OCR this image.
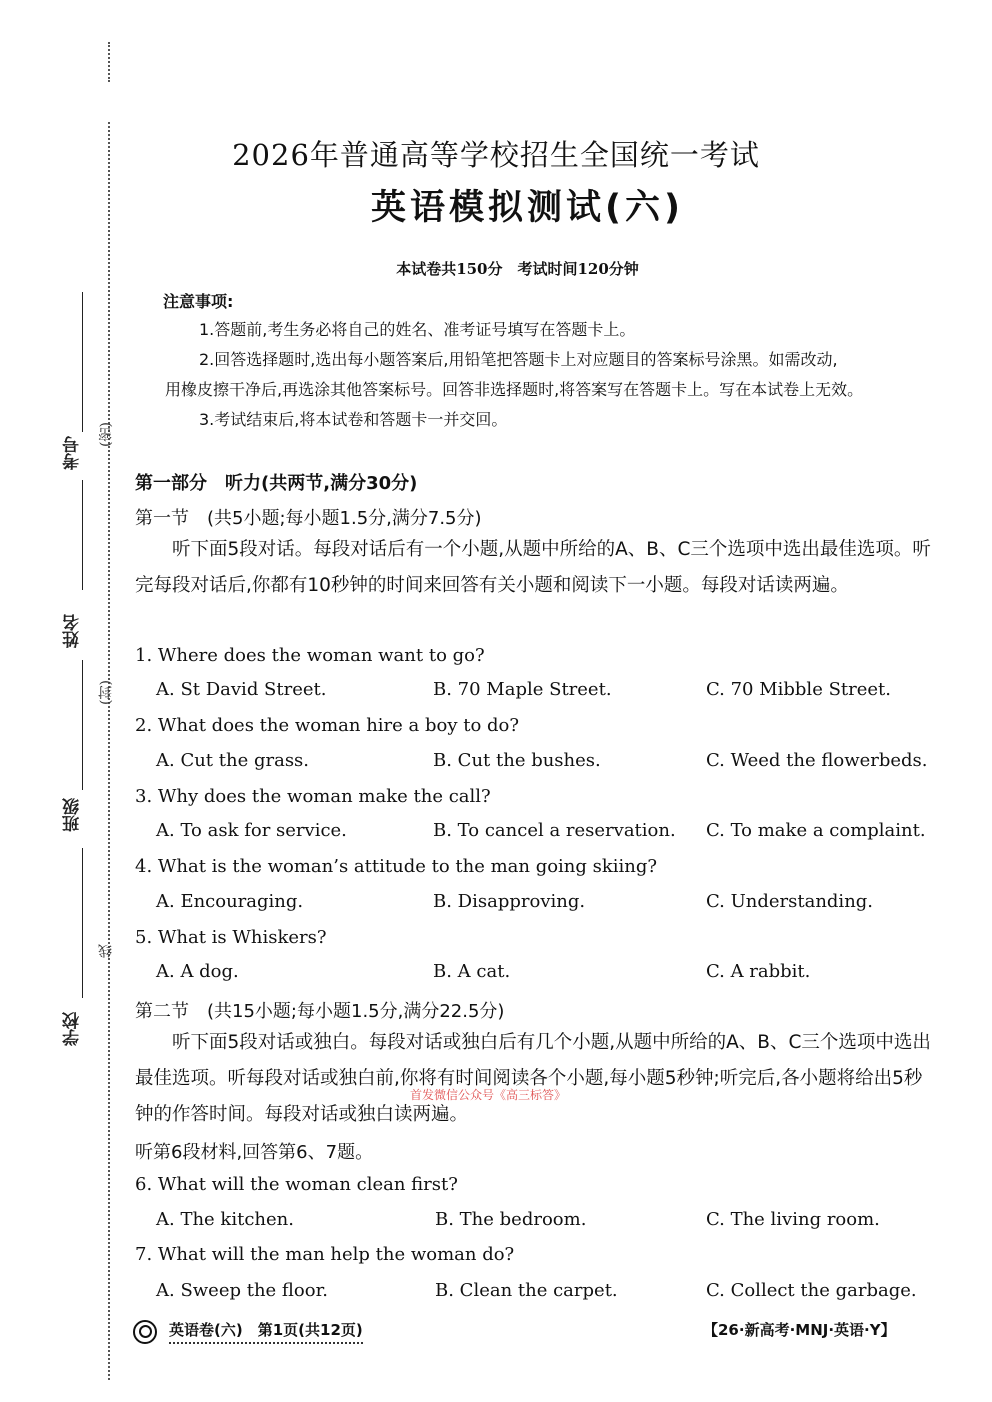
考号
姓名
班级
学校
(密)
(封)
线
2026年普通高等学校招生全国统一考试
英语模拟测试(六)
本试卷共150分　考试时间120分钟
注意事项:
1.答题前,考生务必将自己的姓名、准考证号填写在答题卡上。
2.回答选择题时,选出每小题答案后,用铅笔把答题卡上对应题目的答案标号涂黑。如需改动,
用橡皮擦干净后,再选涂其他答案标号。回答非选择题时,将答案写在答题卡上。写在本试卷上无效。
3.考试结束后,将本试卷和答题卡一并交回。
第一部分　听力(共两节,满分30分)
第一节　(共5小题;每小题1.5分,满分7.5分)
听下面5段对话。每段对话后有一个小题,从题中所给的A、B、C三个选项中选出最佳选项。听完每段对话后,你都有10秒钟的时间来回答有关小题和阅读下一小题。每段对话读两遍。
1. Where does the woman want to go?
A. St David Street.	B. 70 Maple Street.	C. 70 Mibble Street.
2. What does the woman hire a boy to do?
A. Cut the grass.	B. Cut the bushes.	C. Weed the flowerbeds.
3. Why does the woman make the call?
A. To ask for service.	B. To cancel a reservation. C. To make a complaint.
4. What is the woman’s attitude to the man going skiing?
A. Encouraging.	B. Disapproving.	C. Understanding.
5. What is Whiskers?
A. A dog.	B. A cat.	C. A rabbit.
第二节　(共15小题;每小题1.5分,满分22.5分)
听下面5段对话或独白。每段对话或独白后有几个小题,从题中所给的A、B、C三个选项中选出最佳选项。听每段对话或独白前,你将有时间阅读各个小题,每小题5秒钟;听完后,各小题将给出5秒钟的作答时间。每段对话或独白读两遍。
听第6段材料,回答第6、7题。
6. What will the woman clean first?
A. The kitchen.	B. The bedroom.	C. The living room.
7. What will the man help the woman do?
A. Sweep the floor.	B. Clean the carpet.	C. Collect the garbage.
首发微信公众号《高三标答》
英语卷(六)　第1页(共12页)	【26·新高考·MNJ·英语·Y】
